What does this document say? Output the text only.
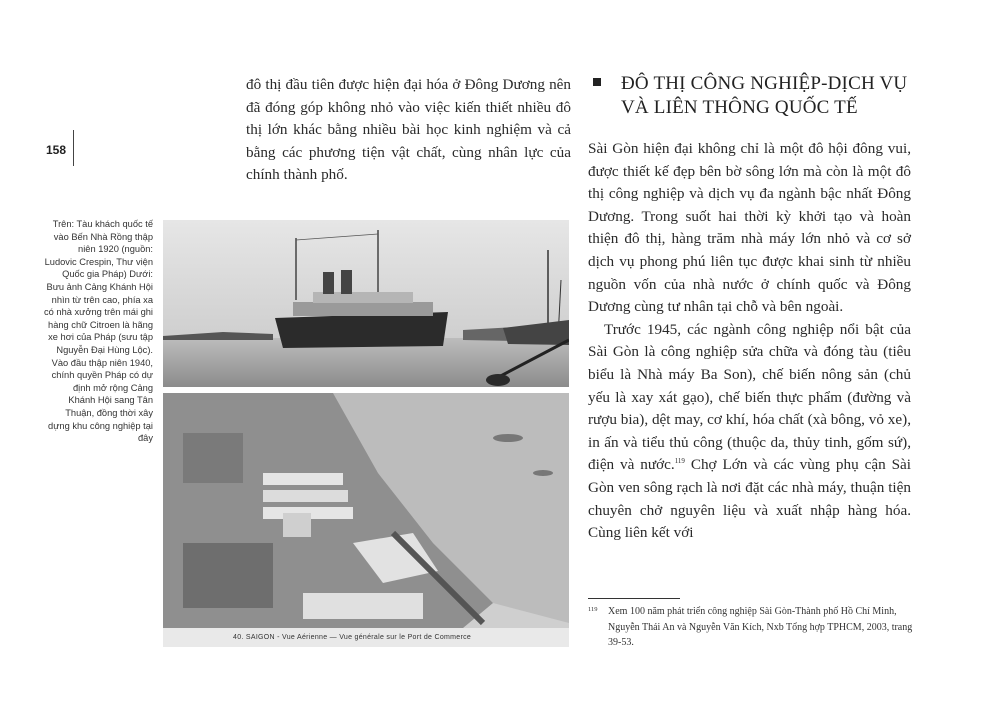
158

đô thị đầu tiên được hiện đại hóa ở Đông Dương nên đã đóng góp không nhỏ vào việc kiến thiết nhiều đô thị lớn khác bằng nhiều bài học kinh nghiệm và cả bằng các phương tiện vật chất, cùng nhân lực của chính thành phố.

ĐÔ THỊ CÔNG NGHIỆP-DỊCH VỤ VÀ LIÊN THÔNG QUỐC TẾ

Sài Gòn hiện đại không chỉ là một đô hội đông vui, được thiết kế đẹp bên bờ sông lớn mà còn là một đô thị công nghiệp và dịch vụ đa ngành bậc nhất Đông Dương. Trong suốt hai thời kỳ khởi tạo và hoàn thiện đô thị, hàng trăm nhà máy lớn nhỏ và cơ sở dịch vụ phong phú liên tục được khai sinh từ nhiều nguồn vốn của nhà nước ở chính quốc và Đông Dương cùng tư nhân tại chỗ và bên ngoài.

Trước 1945, các ngành công nghiệp nổi bật của Sài Gòn là công nghiệp sửa chữa và đóng tàu (tiêu biểu là Nhà máy Ba Son), chế biến nông sản (chủ yếu là xay xát gạo), chế biến thực phẩm (đường và rượu bia), dệt may, cơ khí, hóa chất (xà bông, vỏ xe), in ấn và tiểu thủ công (thuộc da, thủy tinh, gốm sứ), điện và nước.$^{119}$ Chợ Lớn và các vùng phụ cận Sài Gòn ven sông rạch là nơi đặt các nhà máy, thuận tiện chuyên chở nguyên liệu và xuất nhập hàng hóa. Cùng liên kết với

Trên: Tàu khách quốc tế vào Bến Nhà Rồng thập niên 1920 (nguồn: Ludovic Crespin, Thư viện Quốc gia Pháp) Dưới: Bưu ảnh Cảng Khánh Hội nhìn từ trên cao, phía xa có nhà xưởng trên mái ghi hàng chữ Citroen là hãng xe hơi của Pháp (sưu tập Nguyễn Đại Hùng Lộc). Vào đầu thập niên 1940, chính quyền Pháp có dự định mở rộng Cảng Khánh Hội sang Tân Thuận, đồng thời xây dựng khu công nghiệp tại đây
40. SAIGON - Vue Aérienne — Vue générale sur le Port de Commerce
119 Xem 100 năm phát triển công nghiệp Sài Gòn-Thành phố Hồ Chí Minh, Nguyễn Thái An và Nguyễn Văn Kích, Nxb Tổng hợp TPHCM, 2003, trang 39-53.
